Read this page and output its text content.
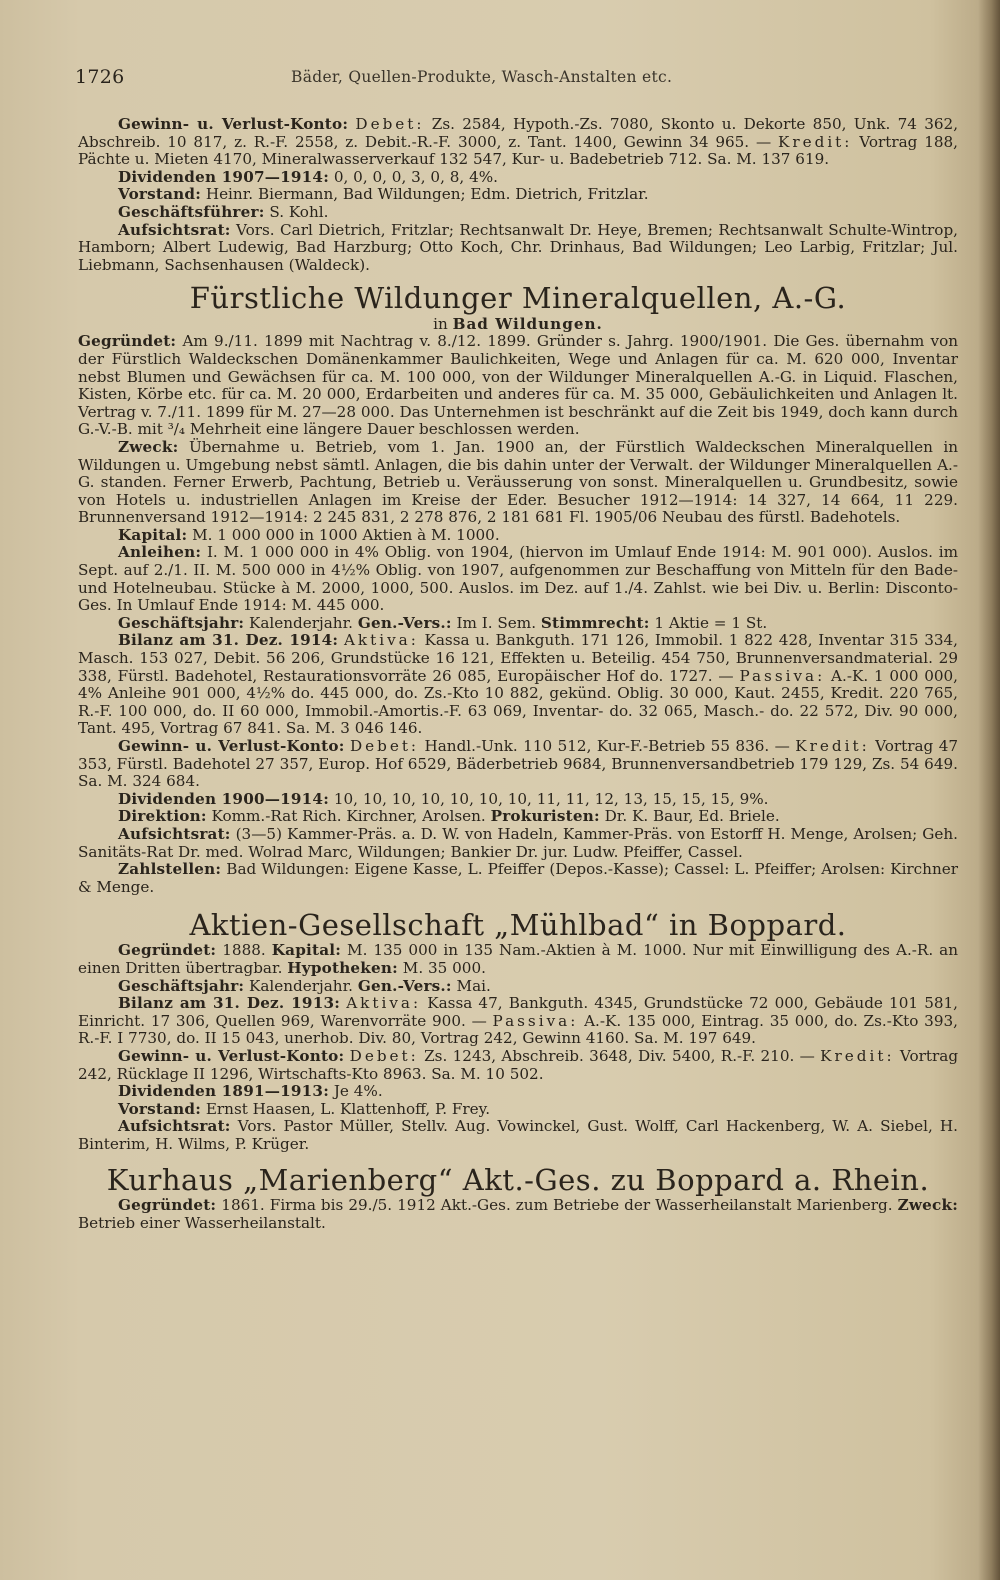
1726	Bäder, Quellen-Produkte, Wasch-Anstalten etc.

Gewinn- u. Verlust-Konto: Debet: Zs. 2584, Hypoth.-Zs. 7080, Skonto u. Dekorte 850, Unk. 74 362, Abschreib. 10 817, z. R.-F. 2558, z. Debit.-R.-F. 3000, z. Tant. 1400, Gewinn 34 965. — Kredit: Vortrag 188, Pächte u. Mieten 4170, Mineralwasserverkauf 132 547, Kur- u. Badebetrieb 712. Sa. M. 137 619.

Dividenden 1907—1914: 0, 0, 0, 0, 3, 0, 8, 4%.

Vorstand: Heinr. Biermann, Bad Wildungen; Edm. Dietrich, Fritzlar.

Geschäftsführer: S. Kohl.

Aufsichtsrat: Vors. Carl Dietrich, Fritzlar; Rechtsanwalt Dr. Heye, Bremen; Rechtsanwalt Schulte-Wintrop, Hamborn; Albert Ludewig, Bad Harzburg; Otto Koch, Chr. Drinhaus, Bad Wildungen; Leo Larbig, Fritzlar; Jul. Liebmann, Sachsenhausen (Waldeck).

Fürstliche Wildunger Mineralquellen, A.-G.

in Bad Wildungen.

Gegründet: Am 9./11. 1899 mit Nachtrag v. 8./12. 1899. Gründer s. Jahrg. 1900/1901. Die Ges. übernahm von der Fürstlich Waldeckschen Domänenkammer Baulichkeiten, Wege und Anlagen für ca. M. 620 000, Inventar nebst Blumen und Gewächsen für ca. M. 100 000, von der Wildunger Mineralquellen A.-G. in Liquid. Flaschen, Kisten, Körbe etc. für ca. M. 20 000, Erdarbeiten und anderes für ca. M. 35 000, Gebäulichkeiten und Anlagen lt. Vertrag v. 7./11. 1899 für M. 27—28 000. Das Unternehmen ist beschränkt auf die Zeit bis 1949, doch kann durch G.-V.-B. mit ³/₄ Mehrheit eine längere Dauer beschlossen werden.

Zweck: Übernahme u. Betrieb, vom 1. Jan. 1900 an, der Fürstlich Waldeckschen Mineralquellen in Wildungen u. Umgebung nebst sämtl. Anlagen, die bis dahin unter der Verwalt. der Wildunger Mineralquellen A.-G. standen. Ferner Erwerb, Pachtung, Betrieb u. Veräusserung von sonst. Mineralquellen u. Grundbesitz, sowie von Hotels u. industriellen Anlagen im Kreise der Eder. Besucher 1912—1914: 14 327, 14 664, 11 229. Brunnenversand 1912—1914: 2 245 831, 2 278 876, 2 181 681 Fl. 1905/06 Neubau des fürstl. Badehotels.

Kapital: M. 1 000 000 in 1000 Aktien à M. 1000.

Anleihen: I. M. 1 000 000 in 4% Oblig. von 1904, (hiervon im Umlauf Ende 1914: M. 901 000). Auslos. im Sept. auf 2./1. II. M. 500 000 in 4½% Oblig. von 1907, aufgenommen zur Beschaffung von Mitteln für den Bade- und Hotelneubau. Stücke à M. 2000, 1000, 500. Auslos. im Dez. auf 1./4. Zahlst. wie bei Div. u. Berlin: Disconto-Ges. In Umlauf Ende 1914: M. 445 000.

Geschäftsjahr: Kalenderjahr. Gen.-Vers.: Im I. Sem. Stimmrecht: 1 Aktie = 1 St.

Bilanz am 31. Dez. 1914: Aktiva: Kassa u. Bankguth. 171 126, Immobil. 1 822 428, Inventar 315 334, Masch. 153 027, Debit. 56 206, Grundstücke 16 121, Effekten u. Beteilig. 454 750, Brunnenversandmaterial. 29 338, Fürstl. Badehotel, Restaurationsvorräte 26 085, Europäischer Hof do. 1727. — Passiva: A.-K. 1 000 000, 4% Anleihe 901 000, 4½% do. 445 000, do. Zs.-Kto 10 882, gekünd. Oblig. 30 000, Kaut. 2455, Kredit. 220 765, R.-F. 100 000, do. II 60 000, Immobil.-Amortis.-F. 63 069, Inventar- do. 32 065, Masch.- do. 22 572, Div. 90 000, Tant. 495, Vortrag 67 841. Sa. M. 3 046 146.

Gewinn- u. Verlust-Konto: Debet: Handl.-Unk. 110 512, Kur-F.-Betrieb 55 836. — Kredit: Vortrag 47 353, Fürstl. Badehotel 27 357, Europ. Hof 6529, Bäderbetrieb 9684, Brunnenversandbetrieb 179 129, Zs. 54 649. Sa. M. 324 684.

Dividenden 1900—1914: 10, 10, 10, 10, 10, 10, 10, 11, 11, 12, 13, 15, 15, 15, 9%.

Direktion: Komm.-Rat Rich. Kirchner, Arolsen. Prokuristen: Dr. K. Baur, Ed. Briele.

Aufsichtsrat: (3—5) Kammer-Präs. a. D. W. von Hadeln, Kammer-Präs. von Estorff H. Menge, Arolsen; Geh. Sanitäts-Rat Dr. med. Wolrad Marc, Wildungen; Bankier Dr. jur. Ludw. Pfeiffer, Cassel.

Zahlstellen: Bad Wildungen: Eigene Kasse, L. Pfeiffer (Depos.-Kasse); Cassel: L. Pfeiffer; Arolsen: Kirchner & Menge.

Aktien-Gesellschaft „Mühlbad“ in Boppard.

Gegründet: 1888. Kapital: M. 135 000 in 135 Nam.-Aktien à M. 1000. Nur mit Einwilligung des A.-R. an einen Dritten übertragbar. Hypotheken: M. 35 000.

Geschäftsjahr: Kalenderjahr. Gen.-Vers.: Mai.

Bilanz am 31. Dez. 1913: Aktiva: Kassa 47, Bankguth. 4345, Grundstücke 72 000, Gebäude 101 581, Einricht. 17 306, Quellen 969, Warenvorräte 900. — Passiva: A.-K. 135 000, Eintrag. 35 000, do. Zs.-Kto 393, R.-F. I 7730, do. II 15 043, unerhob. Div. 80, Vortrag 242, Gewinn 4160. Sa. M. 197 649.

Gewinn- u. Verlust-Konto: Debet: Zs. 1243, Abschreib. 3648, Div. 5400, R.-F. 210. — Kredit: Vortrag 242, Rücklage II 1296, Wirtschafts-Kto 8963. Sa. M. 10 502.

Dividenden 1891—1913: Je 4%.

Vorstand: Ernst Haasen, L. Klattenhoff, P. Frey.

Aufsichtsrat: Vors. Pastor Müller, Stellv. Aug. Vowinckel, Gust. Wolff, Carl Hackenberg, W. A. Siebel, H. Binterim, H. Wilms, P. Krüger.

Kurhaus „Marienberg“ Akt.-Ges. zu Boppard a. Rhein.

Gegründet: 1861. Firma bis 29./5. 1912 Akt.-Ges. zum Betriebe der Wasserheilanstalt Marienberg. Zweck: Betrieb einer Wasserheilanstalt.
